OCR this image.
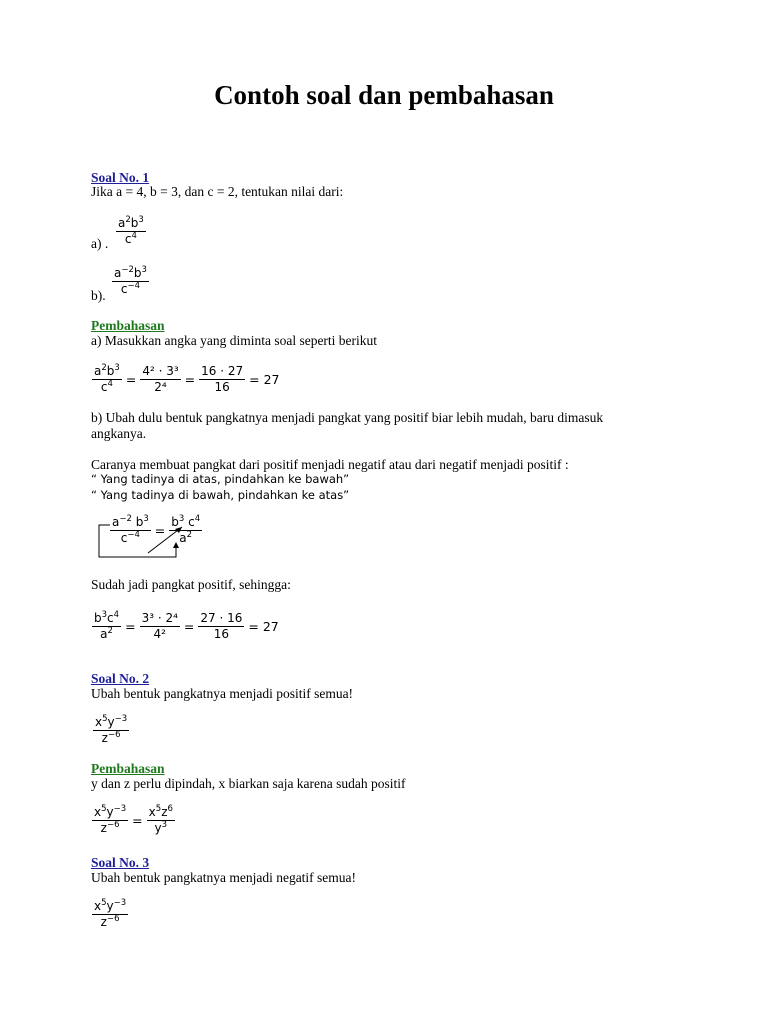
Contoh soal dan pembahasan
Soal No. 1
Jika a = 4, b = 3, dan c = 2, tentukan nilai dari:
a) . $\frac{a^2b^3}{c^4}$
b). $\frac{a^{-2}b^3}{c^{-4}}$
Pembahasan
a) Masukkan angka yang diminta soal seperti berikut
$\frac{a^2b^3}{c^4} = \frac{\text{4² · 3³}}{\text{2⁴}} = \frac{16 \cdot 27}{16} = 27$
b) Ubah dulu bentuk pangkatnya menjadi pangkat yang positif biar lebih mudah, baru dimasuk
angkanya.
Caranya membuat pangkat dari positif menjadi negatif atau dari negatif menjadi positif :
“ Yang tadinya di atas, pindahkan ke bawah”
“ Yang tadinya di bawah, pindahkan ke atas”
$\frac{a^{-2} b^3}{c^{-4}} = \frac{b^3 c^4}{a^2}$
Sudah jadi pangkat positif, sehingga:
$\frac{b^3c^4}{a^2} = \frac{\text{3³ · 2⁴}}{\text{4²}} = \frac{27 \cdot 16}{16} = 27$
Soal No. 2
Ubah bentuk pangkatnya menjadi positif semua!
$\frac{x^5y^{-3}}{z^{-6}}$
Pembahasan
y dan z perlu dipindah, x biarkan saja karena sudah positif
$\frac{x^5y^{-3}}{z^{-6}} = \frac{x^5z^6}{y^3}$
Soal No. 3
Ubah bentuk pangkatnya menjadi negatif semua!
$\frac{x^5y^{-3}}{z^{-6}}$
